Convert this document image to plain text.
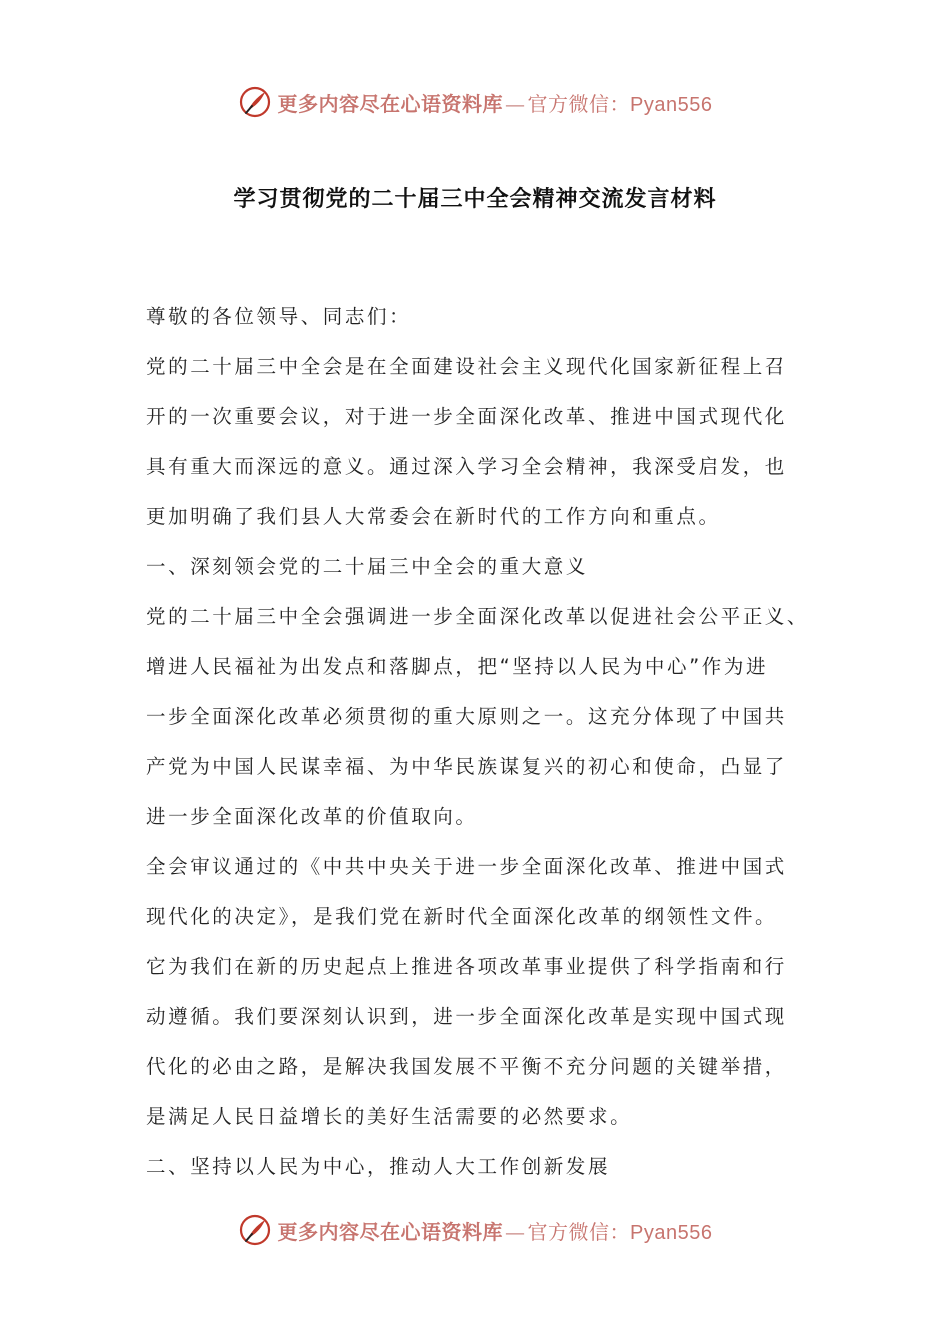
更多内容尽在心语资料库 — 官方微信：Pyan556
学习贯彻党的二十届三中全会精神交流发言材料

尊敬的各位领导、同志们：

党的二十届三中全会是在全面建设社会主义现代化国家新征程上召

开的一次重要会议，对于进一步全面深化改革、推进中国式现代化

具有重大而深远的意义。通过深入学习全会精神，我深受启发，也

更加明确了我们县人大常委会在新时代的工作方向和重点。

一、深刻领会党的二十届三中全会的重大意义

党的二十届三中全会强调进一步全面深化改革以促进社会公平正义、

增进人民福祉为出发点和落脚点，把“坚持以人民为中心”作为进

一步全面深化改革必须贯彻的重大原则之一。这充分体现了中国共

产党为中国人民谋幸福、为中华民族谋复兴的初心和使命，凸显了

进一步全面深化改革的价值取向。

全会审议通过的《中共中央关于进一步全面深化改革、推进中国式

现代化的决定》，是我们党在新时代全面深化改革的纲领性文件。

它为我们在新的历史起点上推进各项改革事业提供了科学指南和行

动遵循。我们要深刻认识到，进一步全面深化改革是实现中国式现

代化的必由之路，是解决我国发展不平衡不充分问题的关键举措，

是满足人民日益增长的美好生活需要的必然要求。

二、坚持以人民为中心，推动人大工作创新发展

更多内容尽在心语资料库 — 官方微信：Pyan556
